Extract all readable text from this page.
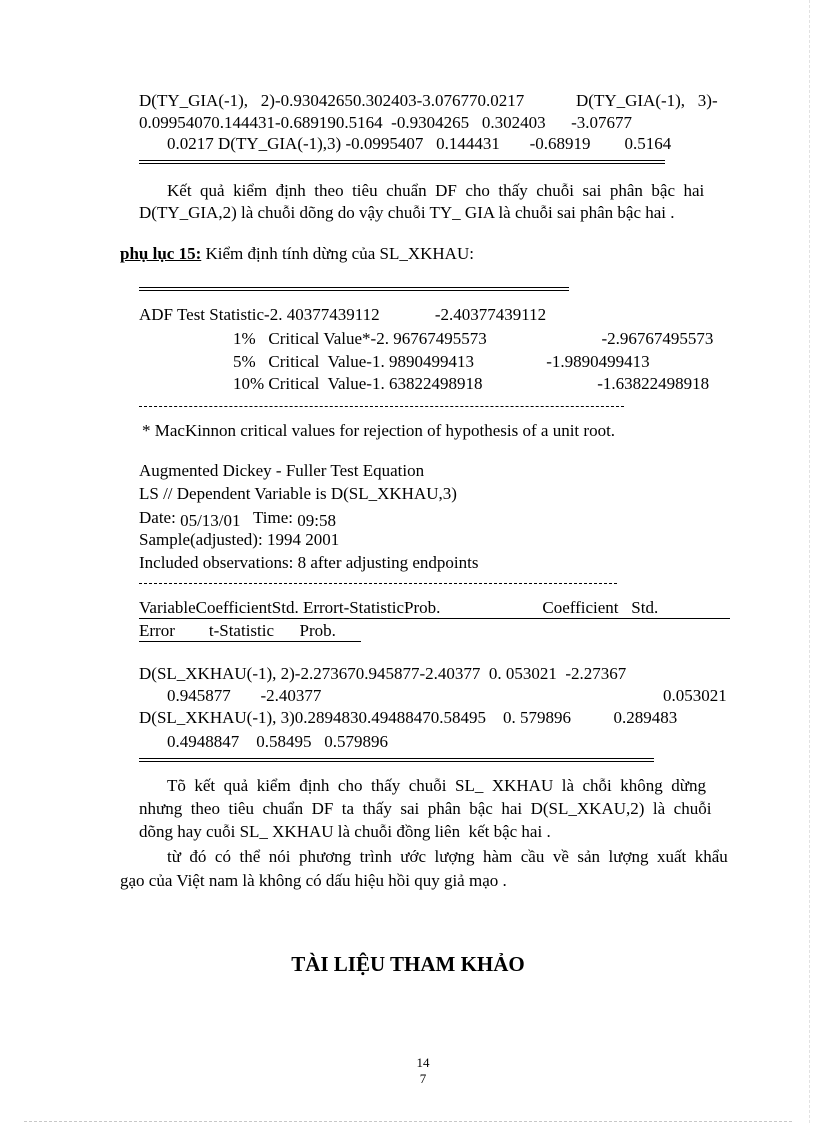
D(TY_GIA(-1),   2)-0.93042650.302403-3.076770.0217	D(TY_GIA(-1),   3)-
0.09954070.144431-0.689190.5164  -0.9304265   0.302403      -3.07677
0.0217 D(TY_GIA(-1),3) -0.0995407   0.144431       -0.68919        0.5164
Kết  quả  kiểm  định  theo  tiêu  chuẩn  DF  cho  thấy  chuỗi  sai  phân  bậc  hai
D(TY_GIA,2) là chuỗi dõng do vậy chuỗi TY_ GIA là chuỗi sai phân bậc hai .
phụ lục 15: Kiểm định tính dừng của SL_XKHAU:
ADF Test Statistic-2. 40377439112             -2.40377439112
1%   Critical Value*-2. 96767495573                           -2.96767495573
5%   Critical  Value-1. 9890499413                 -1.9890499413
10% Critical  Value-1. 63822498918                           -1.63822498918
* MacKinnon critical values for rejection of hypothesis of a unit root.
Augmented Dickey - Fuller Test Equation
LS // Dependent Variable is D(SL_XKHAU,3)
Date: 05/13/01   Time: 09:58
Sample(adjusted): 1994 2001
Included observations: 8 after adjusting endpoints
VariableCoefficientStd. Errort-StatisticProb.                        Coefficient   Std.
Error        t-Statistic      Prob.
D(SL_XKHAU(-1), 2)-2.273670.945877-2.40377  0. 053021  -2.27367
0.945877       -2.40377	0.053021
D(SL_XKHAU(-1), 3)0.2894830.49488470.58495    0. 579896          0.289483
0.4948847    0.58495   0.579896
Tõ  kết  quả  kiểm  định  cho  thấy  chuỗi  SL_  XKHAU  là  chỗi  không  dừng
nhưng  theo  tiêu  chuẩn  DF  ta  thấy  sai  phân  bậc  hai  D(SL_XKAU,2)  là  chuỗi
dõng hay cuỗi SL_ XKHAU là chuỗi đồng liên  kết bậc hai .
từ  đó  có  thể  nói  phương  trình  ước  lượng  hàm  cầu  về  sản  lượng  xuất  khẩu
gạo của Việt nam là không có dấu hiệu hồi quy giả mạo .
TÀI LIỆU THAM KHẢO
14
7
